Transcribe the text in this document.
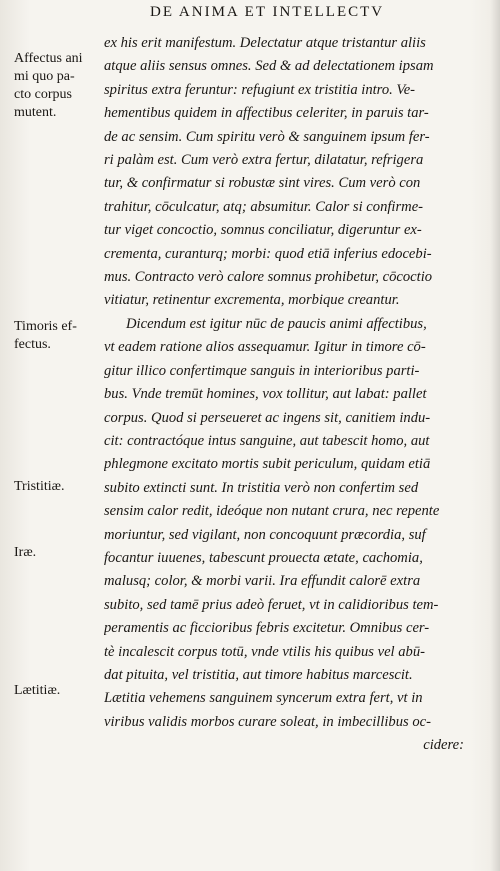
DE ANIMA ET INTELLECTV
Affectus ani
mi quo pa-
cto corpus
mutent.
Timoris ef-
fectus.
Tristitiæ.
Iræ.
Lætitiæ.
ex his erit manifestum. Delectatur atque tristantur aliis
atque aliis sensus omnes. Sed & ad delectationem ipsam
spiritus extra feruntur: refugiunt ex tristitia intro. Ve-
hementibus quidem in affectibus celeriter, in paruis tar-
de ac sensim. Cum spiritu verò & sanguinem ipsum fer-
ri palàm est. Cum verò extra fertur, dilatatur, refrigera
tur, & confirmatur si robustæ sint vires. Cum verò con
trahitur, cōculcatur, atq; absumitur. Calor si confirme-
tur viget concoctio, somnus conciliatur, digeruntur ex-
crementa, curanturq; morbi: quod etiā inferius edocebi-
mus. Contracto verò calore somnus prohibetur, cōcoctio
vitiatur, retinentur excrementa, morbique creantur.
Dicendum est igitur nūc de paucis animi affectibus,
vt eadem ratione alios assequamur. Igitur in timore cō-
gitur illico confertimque sanguis in interioribus parti-
bus. Vnde tremūt homines, vox tollitur, aut labat: pallet
corpus. Quod si perseueret ac ingens sit, canitiem indu-
cit: contractóque intus sanguine, aut tabescit homo, aut
phlegmone excitato mortis subit periculum, quidam etiā
subito extincti sunt. In tristitia verò non confertim sed
sensim calor redit, ideóque non nutant crura, nec repente
moriuntur, sed vigilant, non concoquunt præcordia, suf
focantur iuuenes, tabescunt prouecta ætate, cachomia,
malusq; color, & morbi varii. Ira effundit calorē extra
subito, sed tamē prius adeò feruet, vt in calidioribus tem-
peramentis ac ficcioribus febris excitetur. Omnibus cer-
tè incalescit corpus totū, vnde vtilis his quibus vel abū-
dat pituita, vel tristitia, aut timore habitus marcescit.
Lætitia vehemens sanguinem syncerum extra fert, vt in
viribus validis morbos curare soleat, in imbecillibus oc-
cidere:
